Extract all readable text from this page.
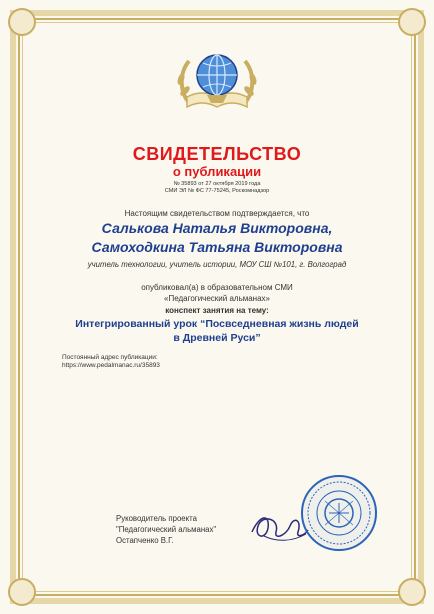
СВИДЕТЕЛЬСТВО
о публикации
№ 35893 от 27 октября 2019 года
СМИ ЭЛ № ФС 77-75245, Роскомнадзор
Настоящим свидетельством подтверждается, что
Салькова Наталья Викторовна,
Самоходкина Татьяна Викторовна
учитель технологии, учитель истории, МОУ СШ №101, г. Волгоград
опубликовал(а) в образовательном СМИ
«Педагогический альманах»
конспект занятия на тему:
Интегрированный урок “Посвседневная жизнь людей
в Древней Руси”
Постоянный адрес публикации:
https://www.pedalmanac.ru/35893
Руководитель проекта
"Педагогический альманах"
Остапченко В.Г.
